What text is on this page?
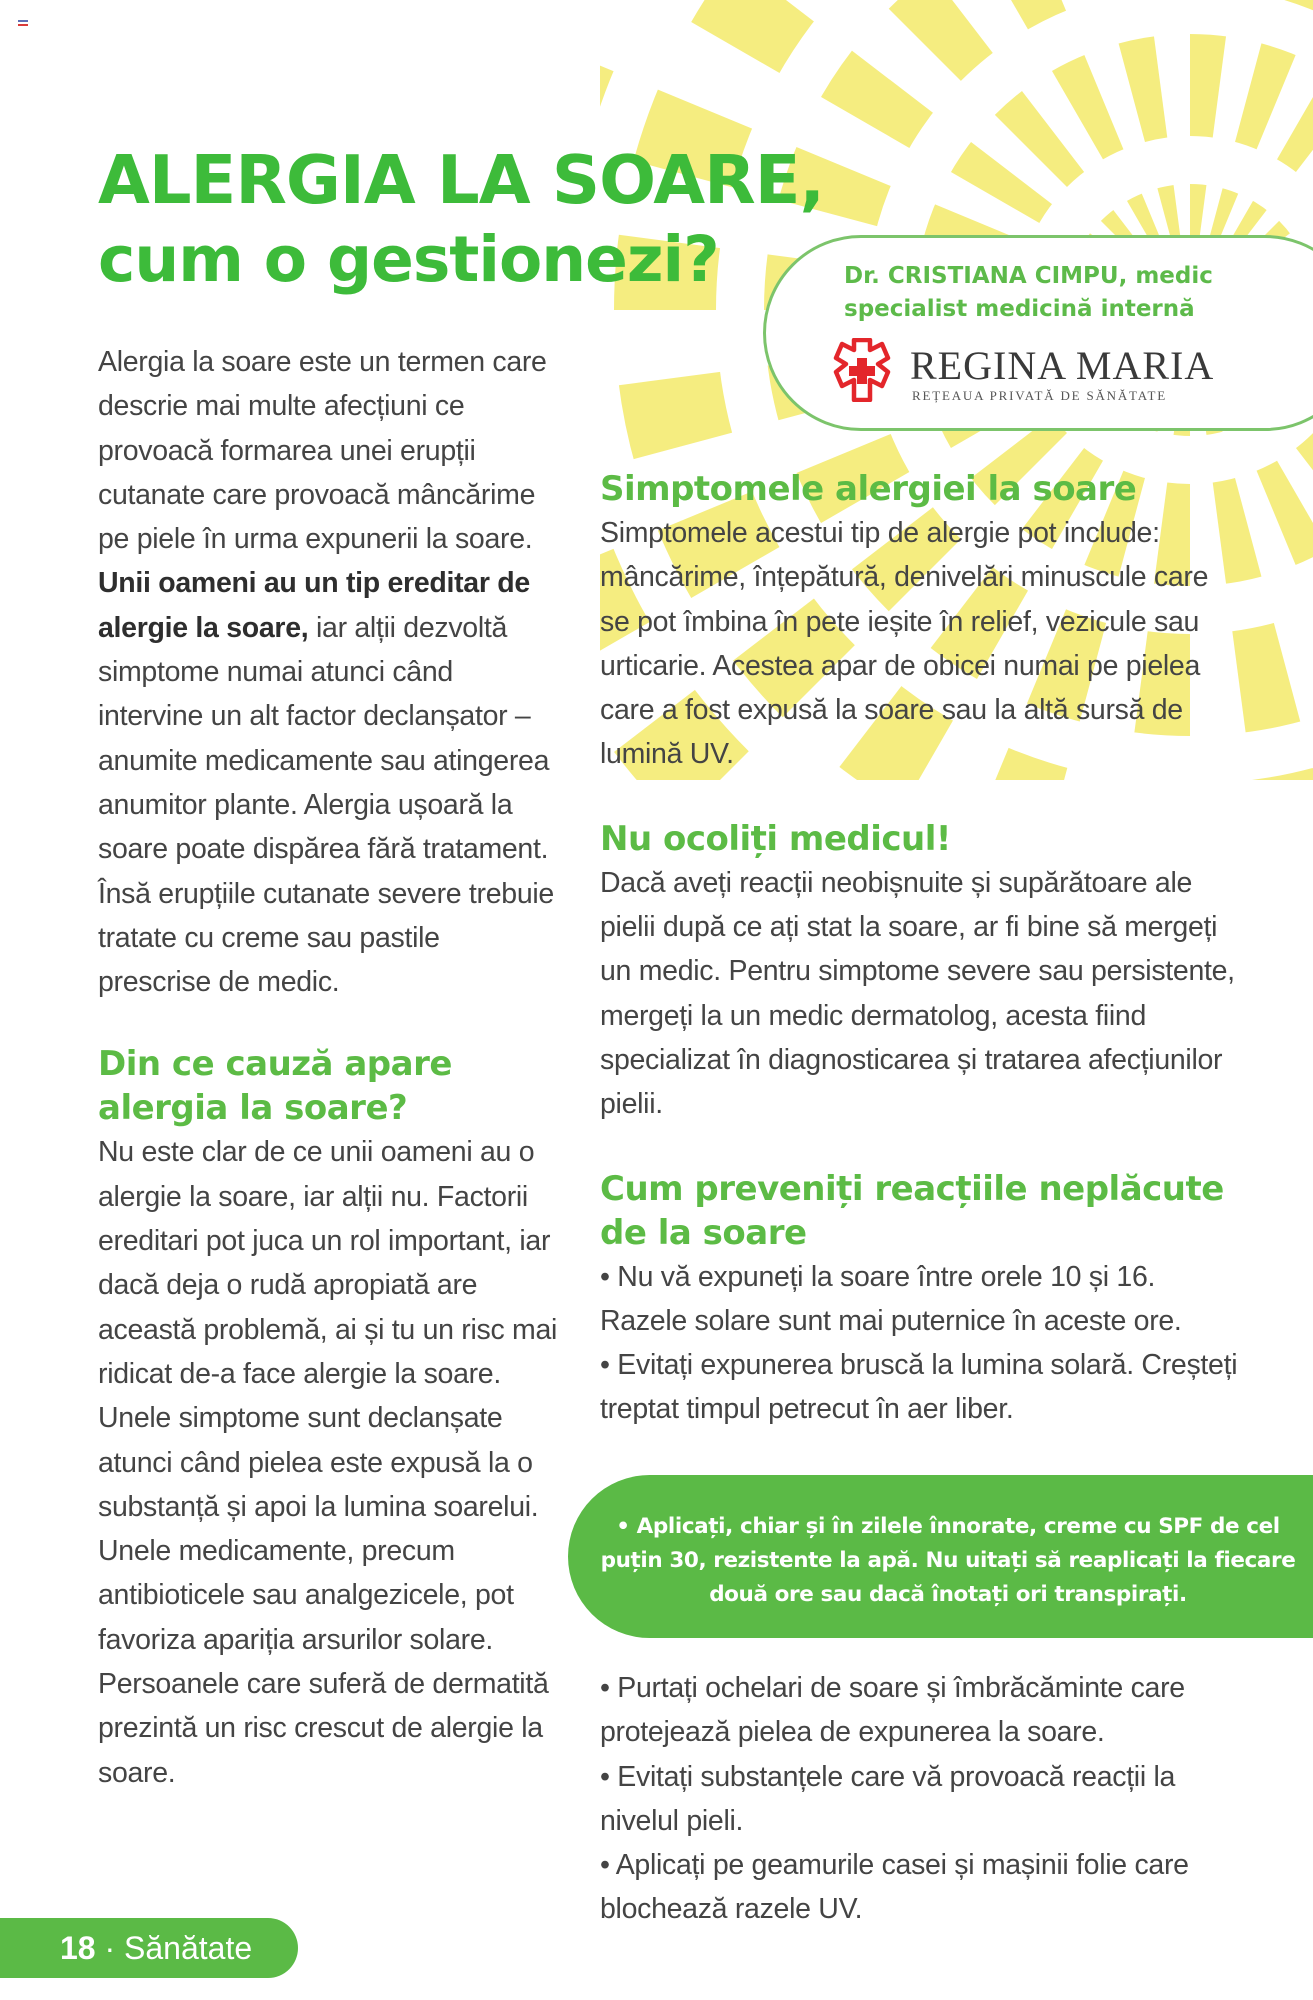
ALERGIA LA SOARE,
cum o gestionezi?	Dr. CRISTIANA CIMPU, medic specialist medicină internă
REGINA MARIA
REȚEAUA PRIVATĂ DE SĂNĂTATE

Alergia la soare este un termen care descrie mai multe afecțiuni ce provoacă formarea unei erupții cutanate care provoacă mâncărime pe piele în urma expunerii la soare. Unii oameni au un tip ereditar de alergie la soare, iar alții dezvoltă simptome numai atunci când intervine un alt factor declanșator – anumite medicamente sau atingerea anumitor plante. Alergia ușoară la soare poate dispărea fără tratament. Însă erupțiile cutanate severe trebuie tratate cu creme sau pastile prescrise de medic.

Din ce cauză apare alergia la soare?

Nu este clar de ce unii oameni au o alergie la soare, iar alții nu. Factorii ereditari pot juca un rol important, iar dacă deja o rudă apropiată are această problemă, ai și tu un risc mai ridicat de-a face alergie la soare. Unele simptome sunt declanșate atunci când pielea este expusă la o substanță și apoi la lumina soarelui.

Unele medicamente, precum antibioticele sau analgezicele, pot favoriza apariția arsurilor solare. Persoanele care suferă de dermatită prezintă un risc crescut de alergie la soare.

Simptomele alergiei la soare

Simptomele acestui tip de alergie pot include: mâncărime, înțepătură, denivelări minuscule care se pot îmbina în pete ieșite în relief, vezicule sau urticarie. Acestea apar de obicei numai pe pielea care a fost expusă la soare sau la altă sursă de lumină UV.

Nu ocoliți medicul!

Dacă aveți reacții neobișnuite și supărătoare ale pielii după ce ați stat la soare, ar fi bine să mergeți un medic. Pentru simptome severe sau persistente, mergeți la un medic dermatolog, acesta fiind specializat în diagnosticarea și tratarea afecțiunilor pielii.

Cum preveniți reacțiile neplăcute de la soare
• Nu vă expuneți la soare între orele 10 și 16. Razele solare sunt mai puternice în aceste ore.
• Evitați expunerea bruscă la lumina solară. Creșteți treptat timpul petrecut în aer liber.
• Aplicați, chiar și în zilele înnorate, creme cu SPF de cel puțin 30, rezistente la apă. Nu uitați să reaplicați la fiecare două ore sau dacă înotați ori transpirați.
• Purtați ochelari de soare și îmbrăcăminte care protejează pielea de expunerea la soare.
• Evitați substanțele care vă provoacă reacții la nivelul pieli.
• Aplicați pe geamurile casei și mașinii folie care blochează razele UV.
18 · Sănătate
